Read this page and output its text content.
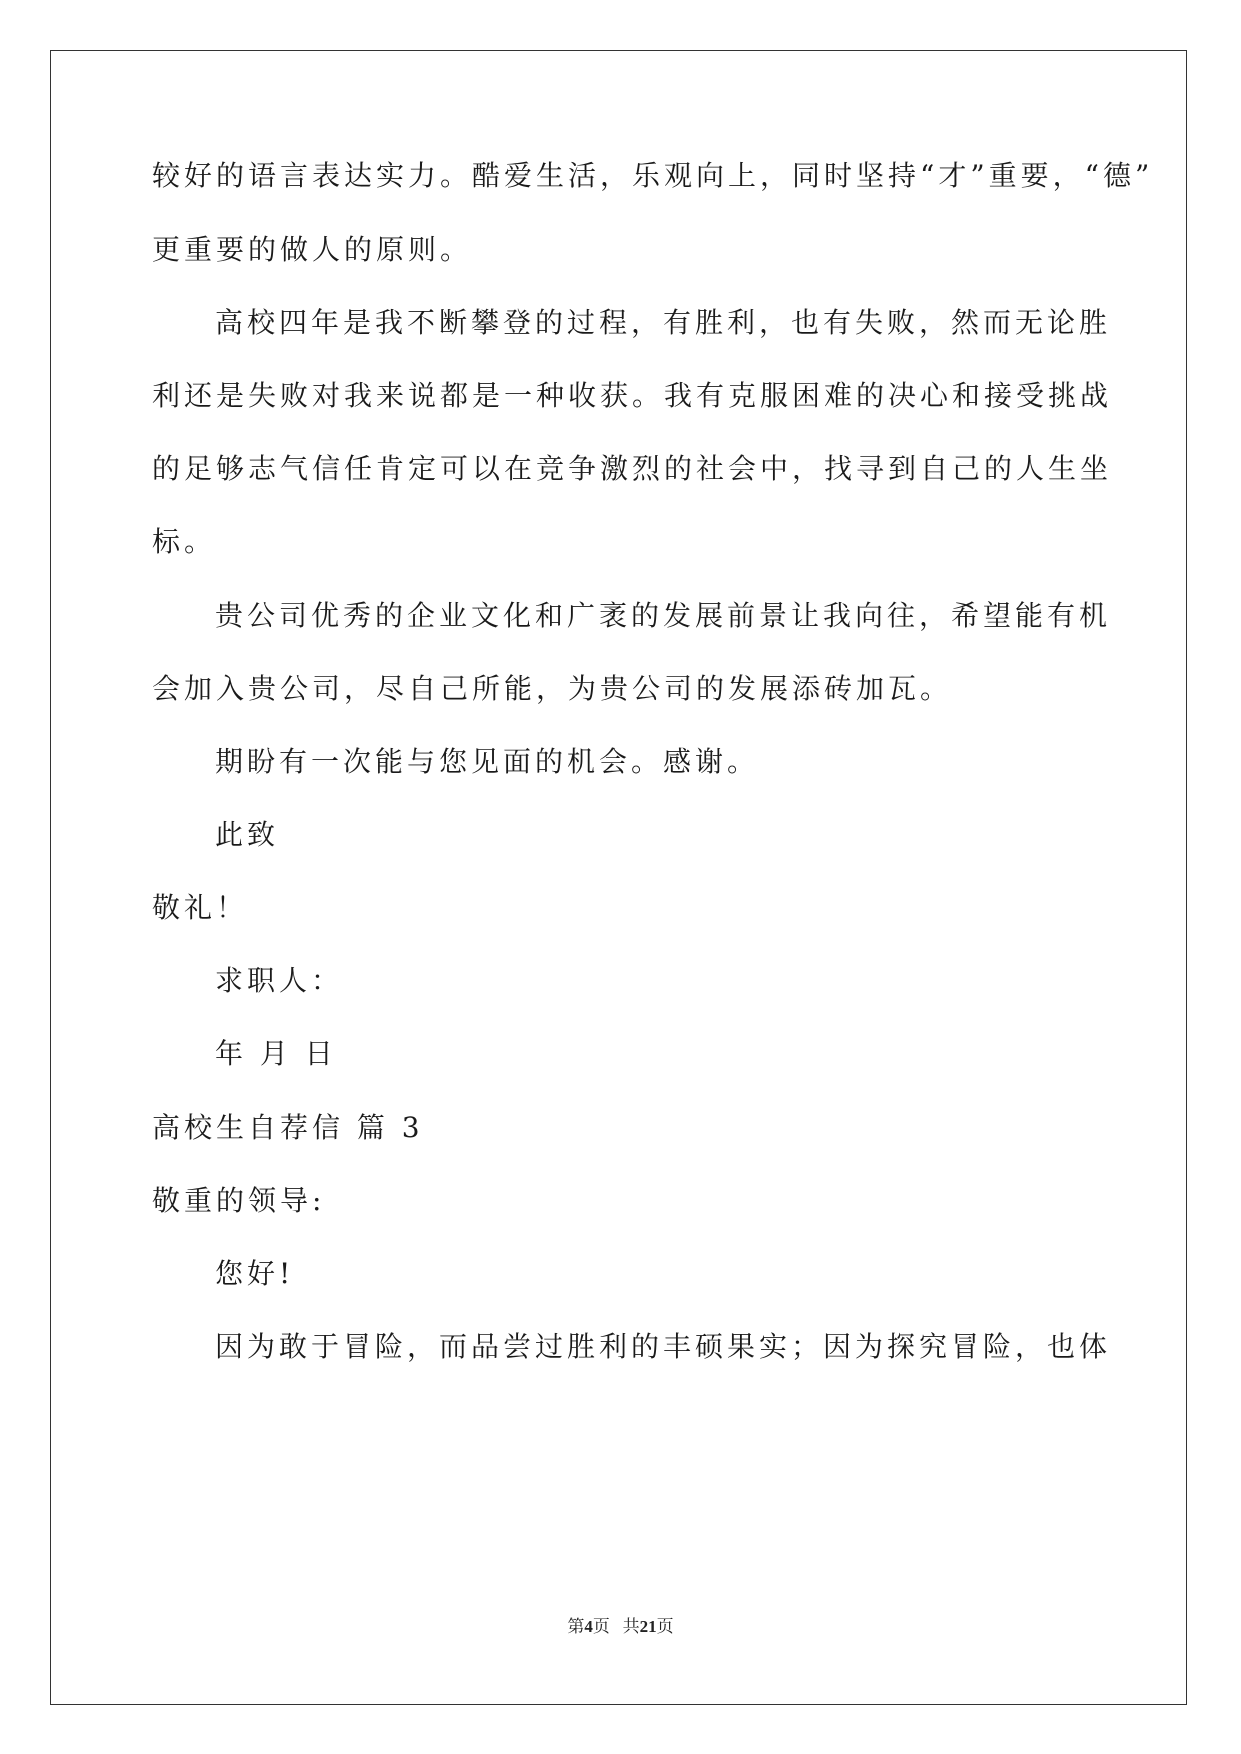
较好的语言表达实力。酷爱生活，乐观向上，同时坚持“才”重要，“德”
更重要的做人的原则。
高校四年是我不断攀登的过程，有胜利，也有失败，然而无论胜
利还是失败对我来说都是一种收获。我有克服困难的决心和接受挑战
的足够志气信任肯定可以在竞争激烈的社会中，找寻到自己的人生坐
标。
贵公司优秀的企业文化和广袤的发展前景让我向往，希望能有机
会加入贵公司，尽自己所能，为贵公司的发展添砖加瓦。
期盼有一次能与您见面的机会。感谢。
此致
敬礼！
求职人：
年 月 日
高校生自荐信 篇 3
敬重的领导:
您好!
因为敢于冒险，而品尝过胜利的丰硕果实；因为探究冒险，也体
第4页 共21页
